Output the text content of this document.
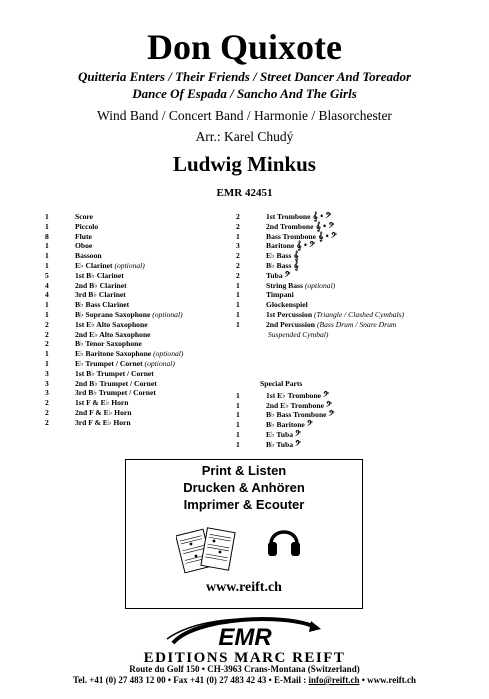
Don Quixote
Quitteria Enters / Their Friends / Street Dancer And Toreador
Dance Of Espada / Sancho And The Girls
Wind Band / Concert Band / Harmonie / Blasorchester
Arr.: Karel Chudý
Ludwig Minkus
EMR 42451
1	Score
1	Piccolo
8	Flute
1	Oboe
1	Bassoon
1	E♭ Clarinet
(optional)
5	1st B♭ Clarinet
4	2nd B♭ Clarinet
4	3rd B♭ Clarinet
1	B♭ Bass Clarinet
1	B♭ Soprano Saxophone
(optional)
2	1st E♭ Alto Saxophone
2	2nd E♭ Alto Saxophone
2	B♭ Tenor Saxophone
1	E♭ Baritone Saxophone
(optional)
1	E♭ Trumpet / Cornet
(optional)
3	1st B♭ Trumpet / Cornet
3	2nd B♭ Trumpet / Cornet
3	3rd B♭ Trumpet / Cornet
2	1st F & E♭ Horn
2	2nd F & E♭ Horn
2	3rd F & E♭ Horn
2	1st Trombone 𝄞 • 𝄢
2	2nd Trombone 𝄞 • 𝄢
1	Bass Trombone 𝄞 • 𝄢
3	Baritone 𝄞 • 𝄢
2	E♭ Bass 𝄞
2	B♭ Bass 𝄞
2	Tuba 𝄢
1	String Bass
(optional)
1	Timpani
1	Glockenspiel
1	1st Percussion
(Triangle / Clashed Cymbals)
1	2nd Percussion
(Bass Drum / Snare Drum

Suspended Cymbal)
Special Parts
1	1st E♭ Trombone 𝄢
1	2nd E♭ Trombone 𝄢
1	B♭ Bass Trombone 𝄢
1	B♭ Baritone 𝄢
1	E♭ Tuba 𝄢
1	B♭ Tuba 𝄢
Print & Listen
Drucken & Anhören
Imprimer & Ecouter
www.reift.ch
EMR
EDITIONS MARC REIFT
Route du Golf 150 • CH-3963 Crans-Montana (Switzerland)
Tel. +41 (0) 27 483 12 00 • Fax +41 (0) 27 483 42 43 • E-Mail : info@reift.ch • www.reift.ch
